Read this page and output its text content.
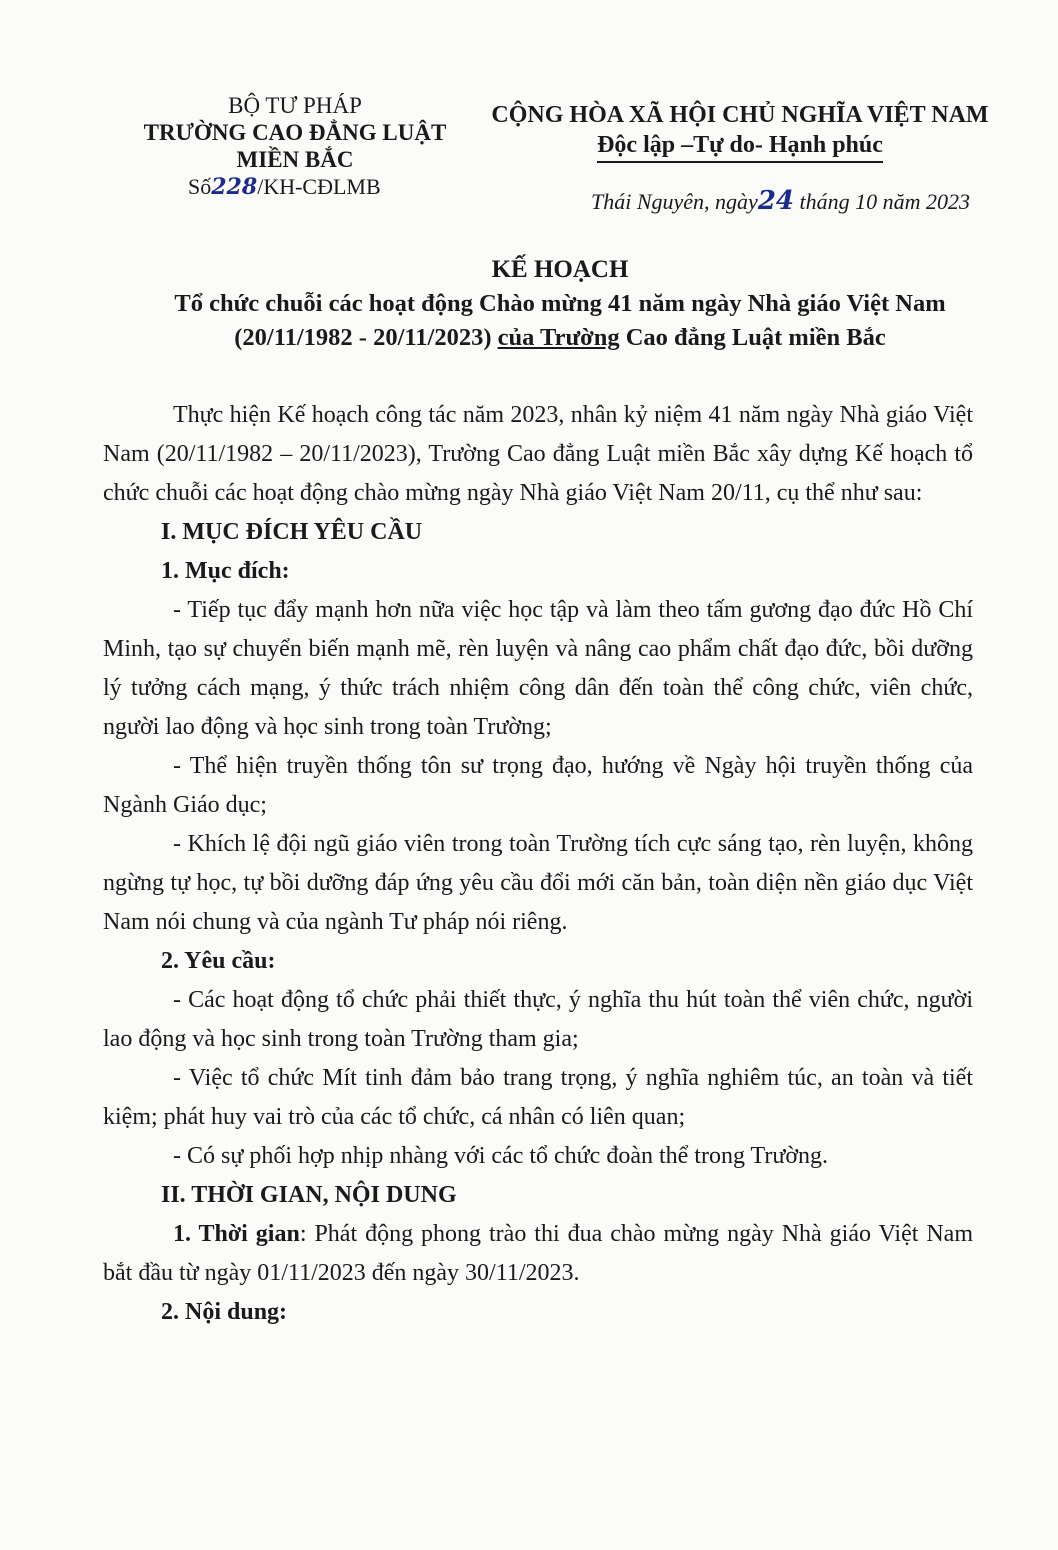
BỘ TƯ PHÁP
TRƯỜNG CAO ĐẲNG LUẬT
MIỀN BẮC
Số228/KH-CĐLMB
CỘNG HÒA XÃ HỘI CHỦ NGHĨA VIỆT NAM
Độc lập –Tự do- Hạnh phúc
Thái Nguyên, ngày24 tháng 10 năm 2023
KẾ HOẠCH
Tổ chức chuỗi các hoạt động Chào mừng 41 năm ngày Nhà giáo Việt Nam
(20/11/1982 - 20/11/2023) của Trường Cao đẳng Luật miền Bắc

Thực hiện Kế hoạch công tác năm 2023, nhân kỷ niệm 41 năm ngày Nhà giáo Việt Nam (20/11/1982 – 20/11/2023), Trường Cao đẳng Luật miền Bắc xây dựng Kế hoạch tổ chức chuỗi các hoạt động chào mừng ngày Nhà giáo Việt Nam 20/11, cụ thể như sau:

I. MỤC ĐÍCH YÊU CẦU

1. Mục đích:

- Tiếp tục đẩy mạnh hơn nữa việc học tập và làm theo tấm gương đạo đức Hồ Chí Minh, tạo sự chuyển biến mạnh mẽ, rèn luyện và nâng cao phẩm chất đạo đức, bồi dưỡng lý tưởng cách mạng, ý thức trách nhiệm công dân đến toàn thể công chức, viên chức, người lao động và học sinh trong toàn Trường;

- Thể hiện truyền thống tôn sư trọng đạo, hướng về Ngày hội truyền thống của Ngành Giáo dục;

- Khích lệ đội ngũ giáo viên trong toàn Trường tích cực sáng tạo, rèn luyện, không ngừng tự học, tự bồi dưỡng đáp ứng yêu cầu đổi mới căn bản, toàn diện nền giáo dục Việt Nam nói chung và của ngành Tư pháp nói riêng.

2. Yêu cầu:

- Các hoạt động tổ chức phải thiết thực, ý nghĩa thu hút toàn thể viên chức, người lao động và học sinh trong toàn Trường tham gia;

- Việc tổ chức Mít tinh đảm bảo trang trọng, ý nghĩa nghiêm túc, an toàn và tiết kiệm; phát huy vai trò của các tổ chức, cá nhân có liên quan;

- Có sự phối hợp nhịp nhàng với các tổ chức đoàn thể trong Trường.

II. THỜI GIAN, NỘI DUNG

1. Thời gian: Phát động phong trào thi đua chào mừng ngày Nhà giáo Việt Nam bắt đầu từ ngày 01/11/2023 đến ngày 30/11/2023.

2. Nội dung:
